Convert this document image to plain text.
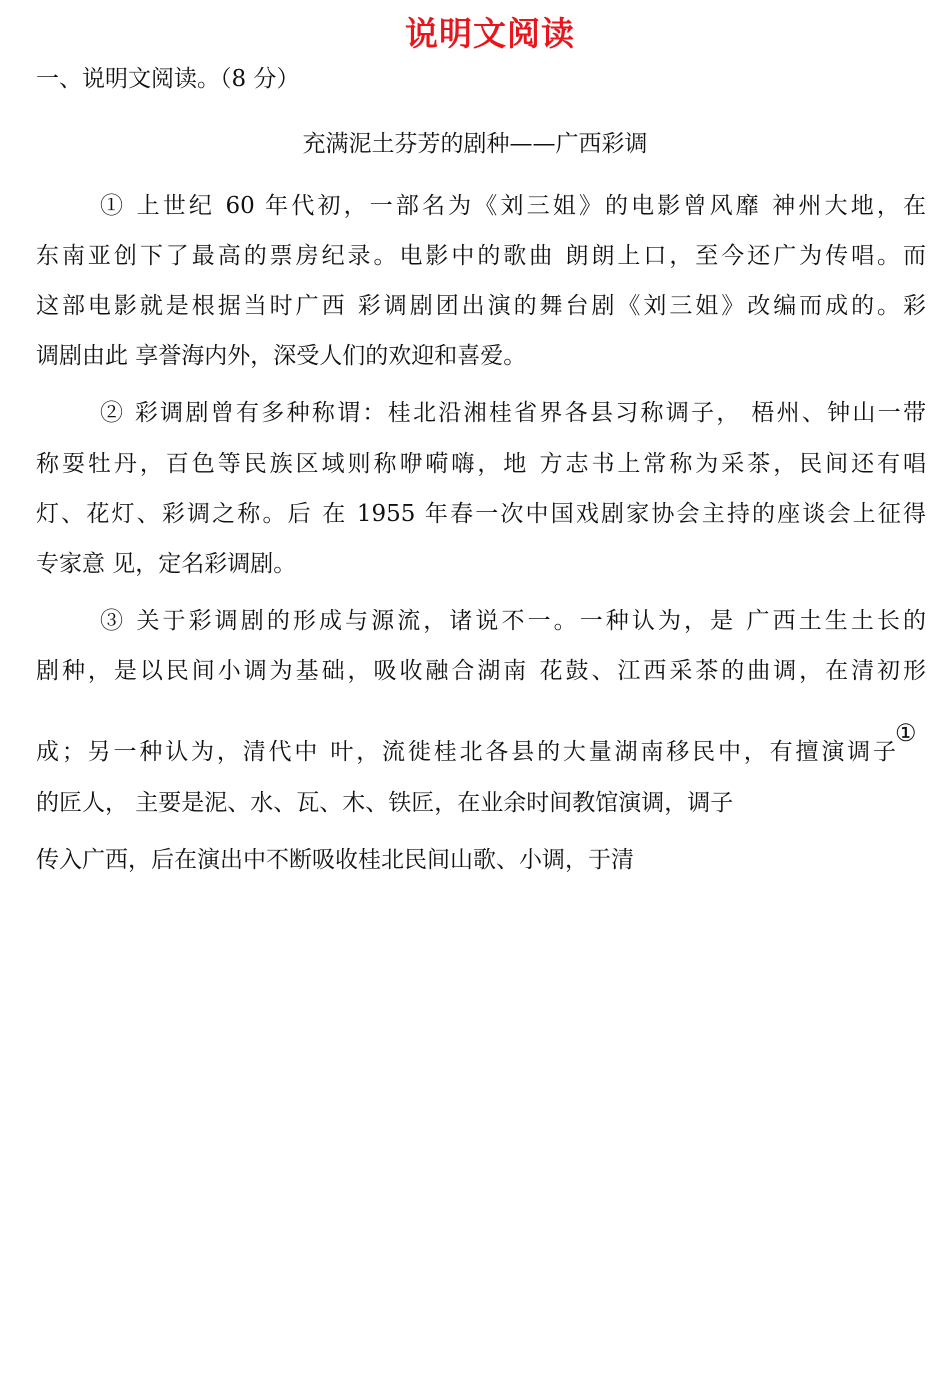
说明文阅读
一、说明文阅读。（8 分）
充满泥土芬芳的剧种——广西彩调
① 上世纪 60 年代初，一部名为《刘三姐》的电影曾风靡 神州大地，在
东南亚创下了最高的票房纪录。电影中的歌曲 朗朗上口，至今还广为传唱。而
这部电影就是根据当时广西 彩调剧团出演的舞台剧《刘三姐》改编而成的。彩
调剧由此 享誉海内外，深受人们的欢迎和喜爱。
② 彩调剧曾有多种称谓：桂北沿湘桂省界各县习称调子， 梧州、钟山一带
称耍牡丹，百色等民族区域则称咿嗬嗨，地 方志书上常称为采茶，民间还有唱
灯、花灯、彩调之称。后 在 1955 年春一次中国戏剧家协会主持的座谈会上征得
专家意 见，定名彩调剧。
③ 关于彩调剧的形成与源流，诸说不一。一种认为，是 广西土生土长的
剧种，是以民间小调为基础，吸收融合湖南 花鼓、江西采茶的曲调，在清初形
成；另一种认为，清代中 叶，流徙桂北各县的大量湖南移民中，有擅演调子
的匠人， 主要是泥、水、瓦、木、铁匠，在业余时间教馆演调，调子
传入广西，后在演出中不断吸收桂北民间山歌、小调，于清
①
